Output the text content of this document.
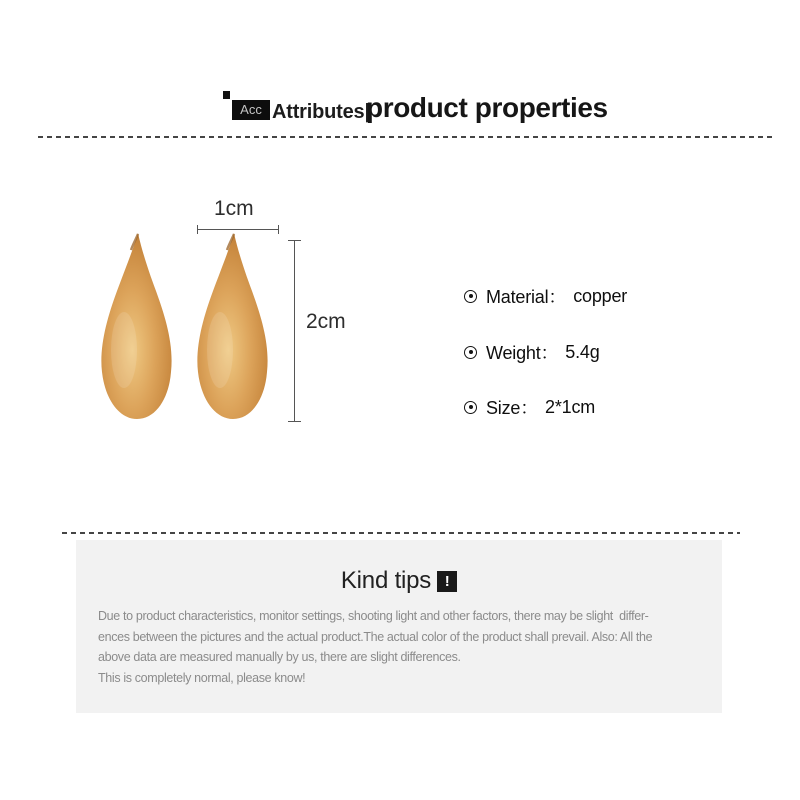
Acc Attributes|
product properties
1cm
2cm
Material： copper
Weight： 5.4g
Size： 2*1cm
Kind tips !
Due to product characteristics, monitor settings, shooting light and other factors, there may be slight  differ-
ences between the pictures and the actual product.The actual color of the product shall prevail. Also: All the
above data are measured manually by us, there are slight differences.
This is completely normal, please know!
